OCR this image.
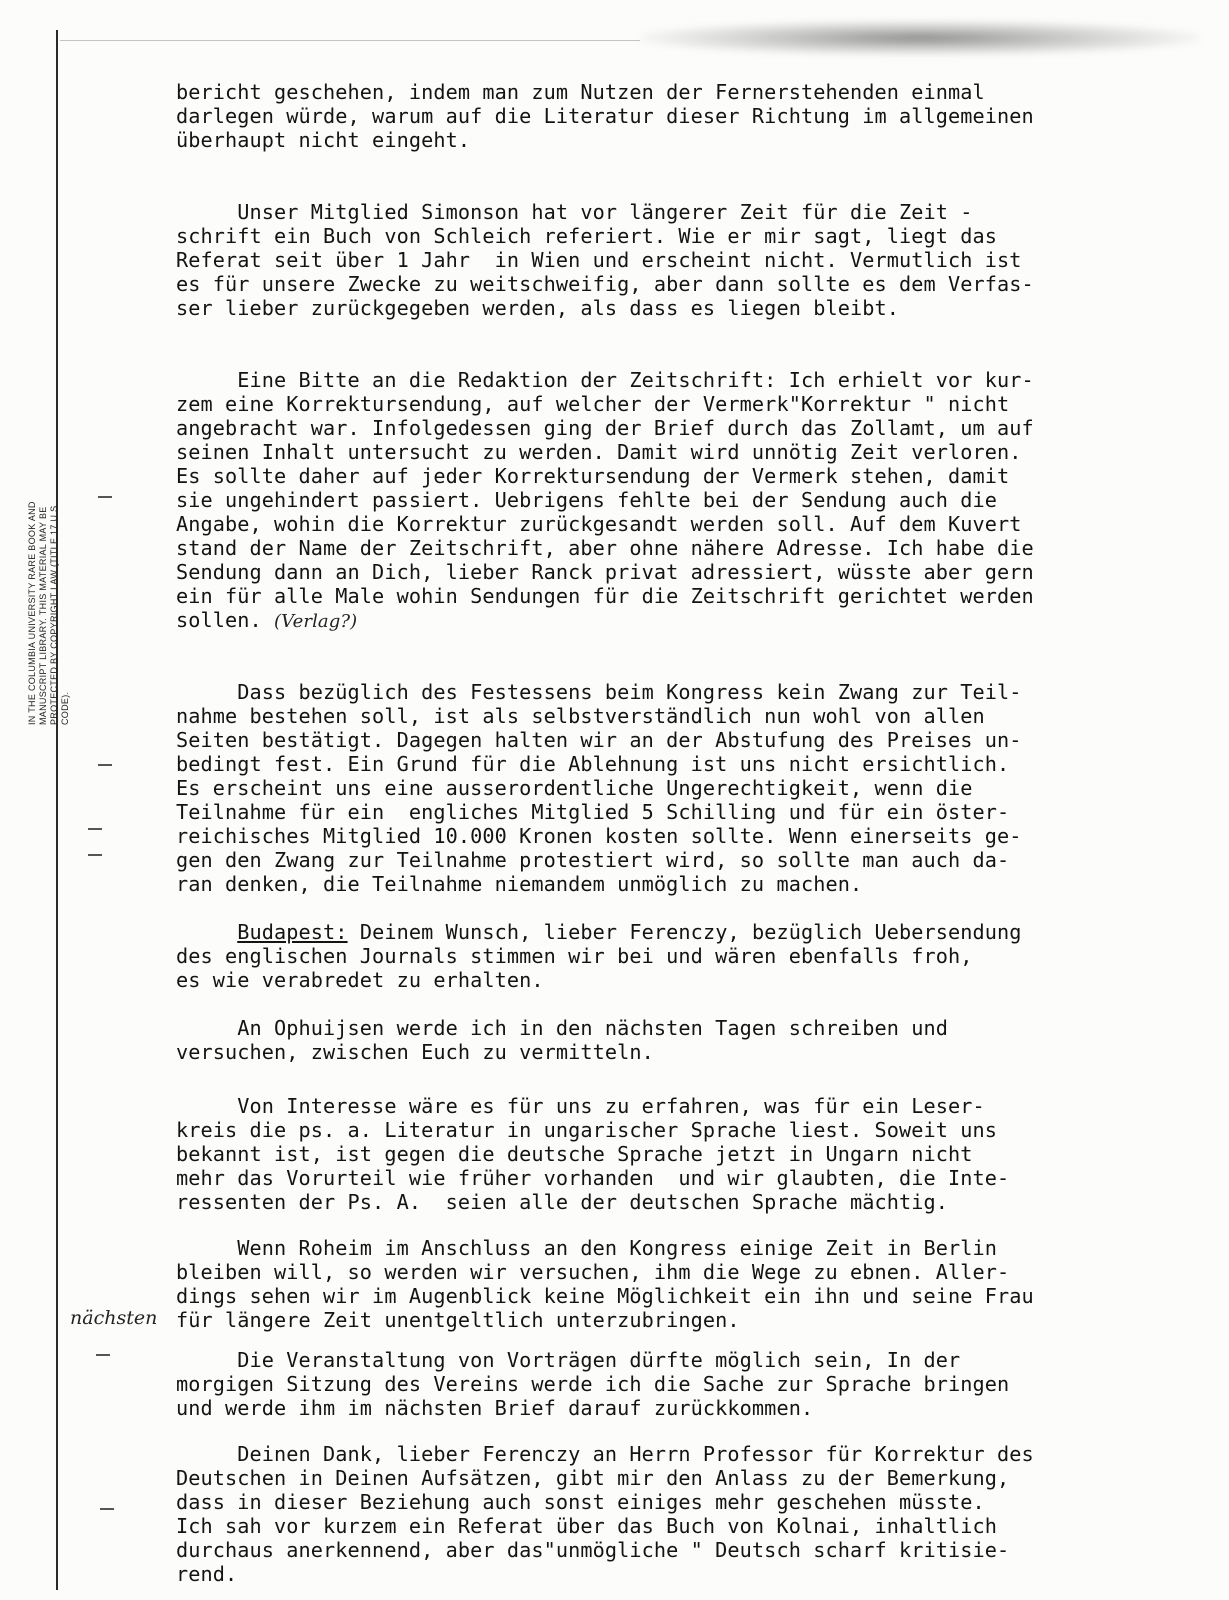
IN THE COLUMBIA UNIVERSITY RARE BOOK AND
MANUSCRIPT LIBRARY. THIS MATERIAL MAY BE
PROTECTED BY COPYRIGHT LAW (TITLE 17 U.S.
CODE).
nächsten

bericht geschehen, indem man zum Nutzen der Fernerstehenden einmal
darlegen würde, warum auf die Literatur dieser Richtung im allgemeinen
überhaupt nicht eingeht.

Unser Mitglied Simonson hat vor längerer Zeit für die Zeit -
schrift ein Buch von Schleich referiert. Wie er mir sagt, liegt das
Referat seit über 1 Jahr  in Wien und erscheint nicht. Vermutlich ist
es für unsere Zwecke zu weitschweifig, aber dann sollte es dem Verfas-
ser lieber zurückgegeben werden, als dass es liegen bleibt.

Eine Bitte an die Redaktion der Zeitschrift: Ich erhielt vor kur-
zem eine Korrektursendung, auf welcher der Vermerk"Korrektur " nicht
angebracht war. Infolgedessen ging der Brief durch das Zollamt, um auf
seinen Inhalt untersucht zu werden. Damit wird unnötig Zeit verloren.
Es sollte daher auf jeder Korrektursendung der Vermerk stehen, damit
sie ungehindert passiert. Uebrigens fehlte bei der Sendung auch die
Angabe, wohin die Korrektur zurückgesandt werden soll. Auf dem Kuvert
stand der Name der Zeitschrift, aber ohne nähere Adresse. Ich habe die
Sendung dann an Dich, lieber Ranck privat adressiert, wüsste aber gern
ein für alle Male wohin Sendungen für die Zeitschrift gerichtet werden
sollen. (Verlag?)

Dass bezüglich des Festessens beim Kongress kein Zwang zur Teil-
nahme bestehen soll, ist als selbstverständlich nun wohl von allen
Seiten bestätigt. Dagegen halten wir an der Abstufung des Preises un-
bedingt fest. Ein Grund für die Ablehnung ist uns nicht ersichtlich.
Es erscheint uns eine ausserordentliche Ungerechtigkeit, wenn die
Teilnahme für ein  engliches Mitglied 5 Schilling und für ein öster-
reichisches Mitglied 10.000 Kronen kosten sollte. Wenn einerseits ge-
gen den Zwang zur Teilnahme protestiert wird, so sollte man auch da-
ran denken, die Teilnahme niemandem unmöglich zu machen.

Budapest: Deinem Wunsch, lieber Ferenczy, bezüglich Uebersendung
des englischen Journals stimmen wir bei und wären ebenfalls froh,
es wie verabredet zu erhalten.

An Ophuijsen werde ich in den nächsten Tagen schreiben und
versuchen, zwischen Euch zu vermitteln.

Von Interesse wäre es für uns zu erfahren, was für ein Leser-
kreis die ps. a. Literatur in ungarischer Sprache liest. Soweit uns
bekannt ist, ist gegen die deutsche Sprache jetzt in Ungarn nicht
mehr das Vorurteil wie früher vorhanden  und wir glaubten, die Inte-
ressenten der Ps. A.  seien alle der deutschen Sprache mächtig.

Wenn Roheim im Anschluss an den Kongress einige Zeit in Berlin
bleiben will, so werden wir versuchen, ihm die Wege zu ebnen. Aller-
dings sehen wir im Augenblick keine Möglichkeit ein ihn und seine Frau
für längere Zeit unentgeltlich unterzubringen.

Die Veranstaltung von Vorträgen dürfte möglich sein, In der
morgigen Sitzung des Vereins werde ich die Sache zur Sprache bringen
und werde ihm im nächsten Brief darauf zurückkommen.

Deinen Dank, lieber Ferenczy an Herrn Professor für Korrektur des
Deutschen in Deinen Aufsätzen, gibt mir den Anlass zu der Bemerkung,
dass in dieser Beziehung auch sonst einiges mehr geschehen müsste.
Ich sah vor kurzem ein Referat über das Buch von Kolnai, inhaltlich
durchaus anerkennend, aber das"unmögliche " Deutsch scharf kritisie-
rend.
